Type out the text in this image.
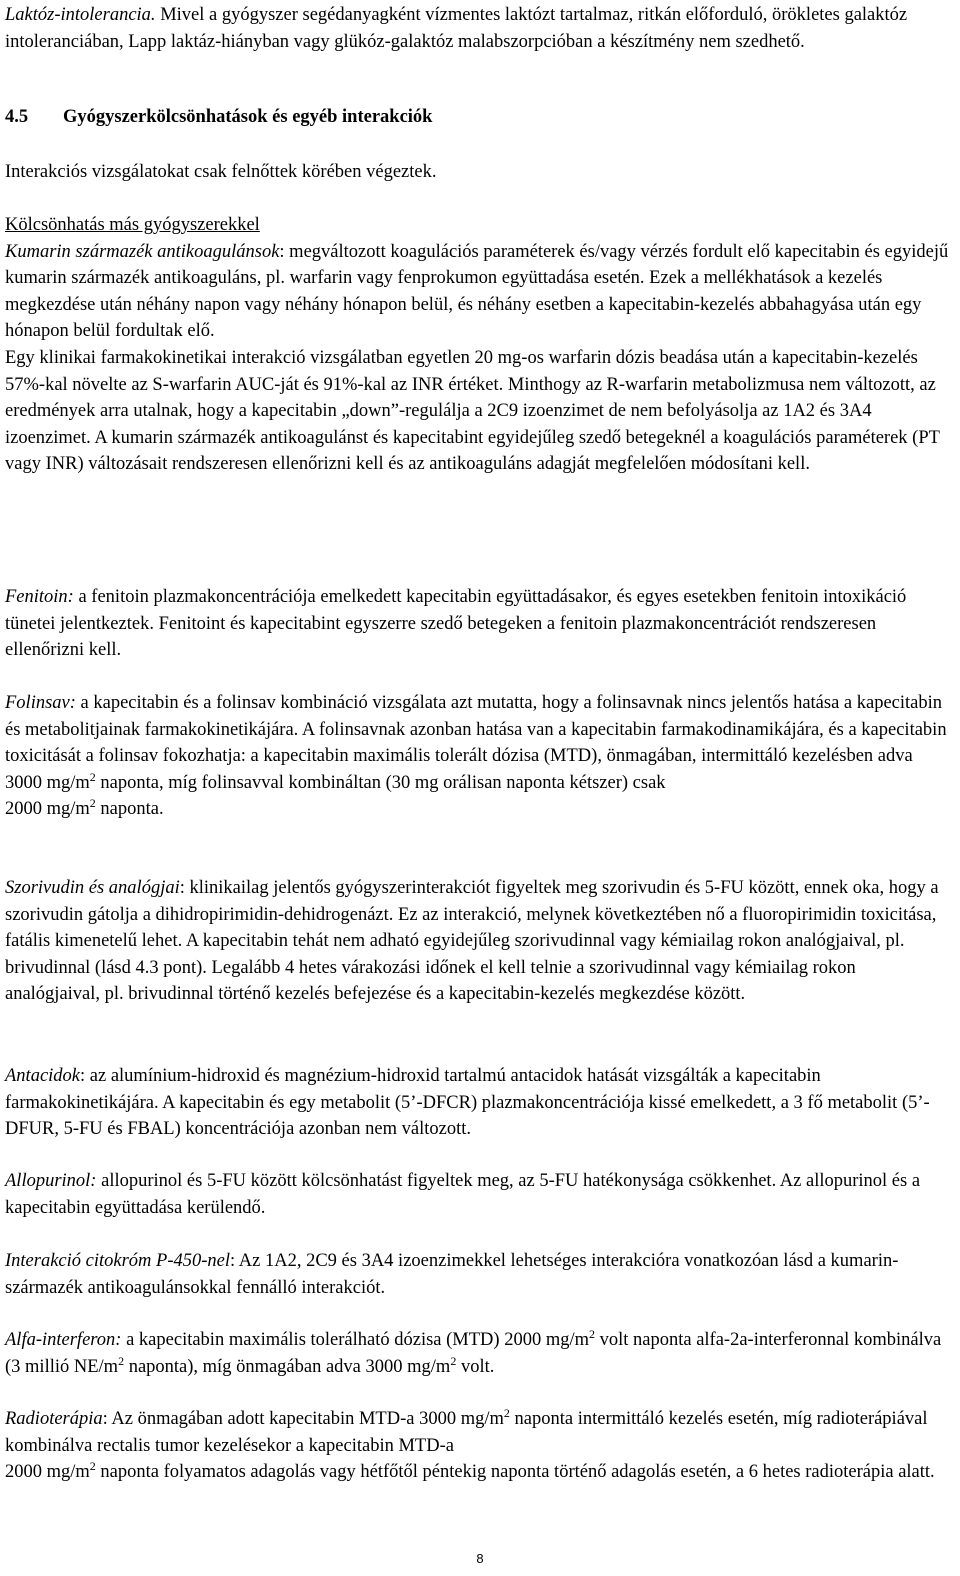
Laktóz-intolerancia. Mivel a gyógyszer segédanyagként vízmentes laktózt tartalmaz, ritkán előforduló, örökletes galaktóz intoleranciában, Lapp laktáz-hiányban vagy glükóz-galaktóz malabszorpcióban a készítmény nem szedhető.

4.5 Gyógyszerkölcsönhatások és egyéb interakciók

Interakciós vizsgálatokat csak felnőttek körében végeztek.

Kölcsönhatás más gyógyszerekkel
Kumarin származék antikoagulánsok: megváltozott koagulációs paraméterek és/vagy vérzés fordult elő kapecitabin és egyidejű kumarin származék antikoaguláns, pl. warfarin vagy fenprokumon együttadása esetén. Ezek a mellékhatások a kezelés megkezdése után néhány napon vagy néhány hónapon belül, és néhány esetben a kapecitabin-kezelés abbahagyása után egy hónapon belül fordultak elő.
Egy klinikai farmakokinetikai interakció vizsgálatban egyetlen 20 mg-os warfarin dózis beadása után a kapecitabin-kezelés 57%-kal növelte az S-warfarin AUC-ját és 91%-kal az INR értéket. Minthogy az R-warfarin metabolizmusa nem változott, az eredmények arra utalnak, hogy a kapecitabin „down”-regulálja a 2C9 izoenzimet de nem befolyásolja az 1A2 és 3A4 izoenzimet. A kumarin származék antikoagulánst és kapecitabint egyidejűleg szedő betegeknél a koagulációs paraméterek (PT vagy INR) változásait rendszeresen ellenőrizni kell és az antikoaguláns adagját megfelelően módosítani kell.

Fenitoin: a fenitoin plazmakoncentrációja emelkedett kapecitabin együttadásakor, és egyes esetekben fenitoin intoxikáció tünetei jelentkeztek. Fenitoint és kapecitabint egyszerre szedő betegeken a fenitoin plazmakoncentrációt rendszeresen ellenőrizni kell.

Folinsav: a kapecitabin és a folinsav kombináció vizsgálata azt mutatta, hogy a folinsavnak nincs jelentős hatása a kapecitabin és metabolitjainak farmakokinetikájára. A folinsavnak azonban hatása van a kapecitabin farmakodinamikájára, és a kapecitabin toxicitását a folinsav fokozhatja: a kapecitabin maximális tolerált dózisa (MTD), önmagában, intermittáló kezelésben adva
3000 $mg/m^2$ naponta, míg folinsavval kombináltan (30 mg orálisan naponta kétszer) csak
2000 $mg/m^2$ naponta.

Szorivudin és analógjai: klinikailag jelentős gyógyszerinterakciót figyeltek meg szorivudin és 5-FU között, ennek oka, hogy a szorivudin gátolja a dihidropirimidin-dehidrogenázt. Ez az interakció, melynek következtében nő a fluoropirimidin toxicitása, fatális kimenetelű lehet. A kapecitabin tehát nem adható egyidejűleg szorivudinnal vagy kémiailag rokon analógjaival, pl. brivudinnal (lásd 4.3 pont). Legalább 4 hetes várakozási időnek el kell telnie a szorivudinnal vagy kémiailag rokon analógjaival, pl. brivudinnal történő kezelés befejezése és a kapecitabin-kezelés megkezdése között.

Antacidok: az alumínium-hidroxid és magnézium-hidroxid tartalmú antacidok hatását vizsgálták a kapecitabin farmakokinetikájára. A kapecitabin és egy metabolit (5’-DFCR) plazmakoncentrációja kissé emelkedett, a 3 fő metabolit (5’-DFUR, 5-FU és FBAL) koncentrációja azonban nem változott.

Allopurinol: allopurinol és 5-FU között kölcsönhatást figyeltek meg, az 5-FU hatékonysága csökkenhet. Az allopurinol és a kapecitabin együttadása kerülendő.

Interakció citokróm P-450-nel: Az 1A2, 2C9 és 3A4 izoenzimekkel lehetséges interakcióra vonatkozóan lásd a kumarin-származék antikoagulánsokkal fennálló interakciót.

Alfa-interferon: a kapecitabin maximális tolerálható dózisa (MTD) 2000 $mg/m^2$ volt naponta alfa-2a-interferonnal kombinálva (3 millió $NE/m^2$ naponta), míg önmagában adva 3000 $mg/m^2$ volt.

Radioterápia: Az önmagában adott kapecitabin MTD-a 3000 $mg/m^2$ naponta intermittáló kezelés esetén, míg radioterápiával kombinálva rectalis tumor kezelésekor a kapecitabin MTD-a
2000 $mg/m^2$ naponta folyamatos adagolás vagy hétfőtől péntekig naponta történő adagolás esetén, a 6 hetes radioterápia alatt.

8
